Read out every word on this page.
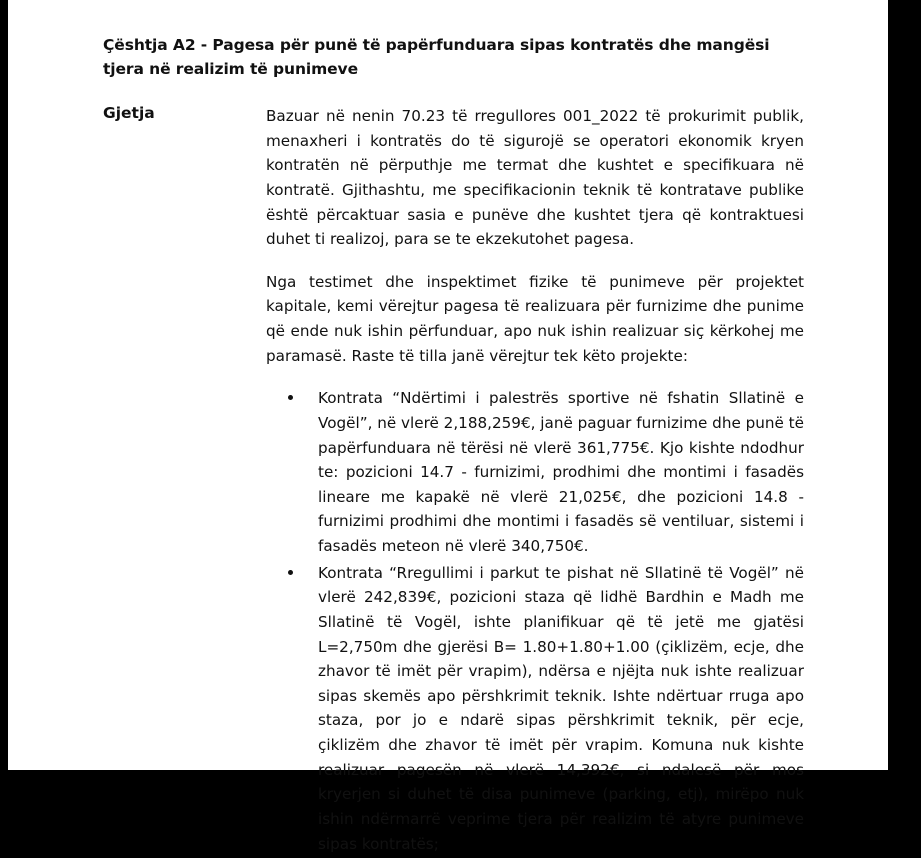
Çështja A2 - Pagesa për punë të papërfunduara sipas kontratës dhe mangësi tjera në realizim të punimeve
Gjetja	Bazuar në nenin 70.23 të rregullores 001_2022 të prokurimit publik, menaxheri i kontratës do të sigurojë se operatori ekonomik kryen kontratën në përputhje me termat dhe kushtet e specifikuara në kontratë. Gjithashtu, me specifikacionin teknik të kontratave publike është përcaktuar sasia e punëve dhe kushtet tjera që kontraktuesi duhet ti realizoj, para se te ekzekutohet pagesa.

Nga testimet dhe inspektimet fizike të punimeve për projektet kapitale, kemi vërejtur pagesa të realizuara për furnizime dhe punime që ende nuk ishin përfunduar, apo nuk ishin realizuar siç kërkohej me paramasë. Raste të tilla janë vërejtur tek këto projekte:

Kontrata “Ndërtimi i palestrës sportive në fshatin Sllatinë e Vogël”, në vlerë 2,188,259€, janë paguar furnizime dhe punë të papërfunduara në tërësi në vlerë 361,775€. Kjo kishte ndodhur te: pozicioni 14.7 - furnizimi, prodhimi dhe montimi i fasadës lineare me kapakë në vlerë 21,025€, dhe pozicioni 14.8 - furnizimi prodhimi dhe montimi i fasadës së ventiluar, sistemi i fasadës meteon në vlerë 340,750€.
Kontrata “Rregullimi i parkut te pishat në Sllatinë të Vogël” në vlerë 242,839€, pozicioni staza që lidhë Bardhin e Madh me Sllatinë të Vogël, ishte planifikuar që të jetë me gjatësi L=2,750m dhe gjerësi B= 1.80+1.80+1.00 (çiklizëm, ecje, dhe zhavor të imët për vrapim), ndërsa e njëjta nuk ishte realizuar sipas skemës apo përshkrimit teknik. Ishte ndërtuar rruga apo staza, por jo e ndarë sipas përshkrimit teknik, për ecje, çiklizëm dhe zhavor të imët për vrapim. Komuna nuk kishte realizuar pagesën në vlerë 14,392€, si ndalesë për mos kryerjen si duhet të disa punimeve (parking, etj), mirëpo nuk ishin ndërmarrë veprime tjera për realizim të atyre punimeve sipas kontratës;
